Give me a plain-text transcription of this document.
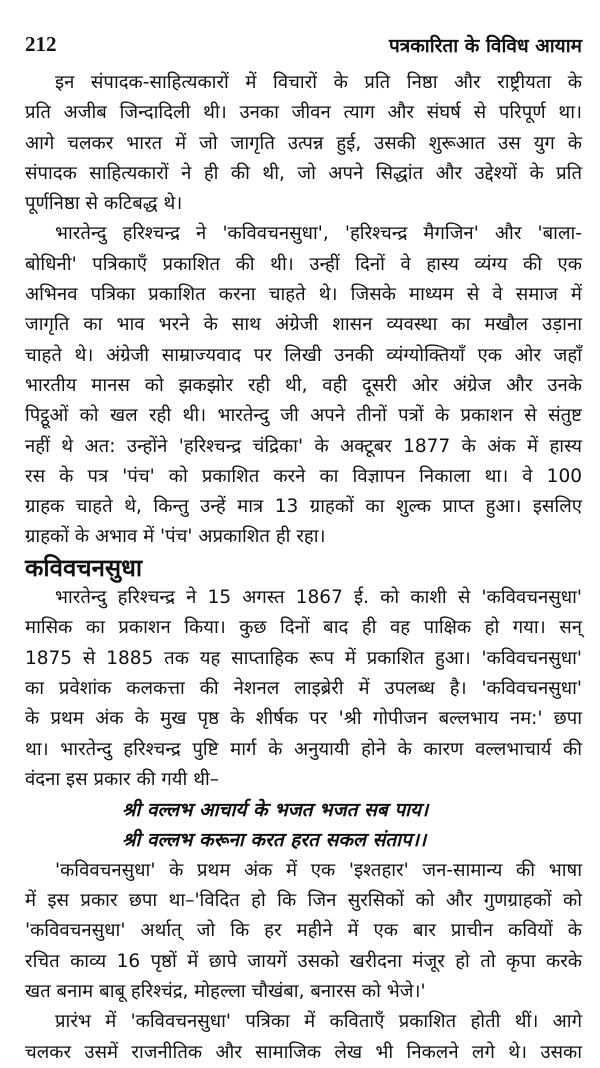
212	पत्रकारिता के विविध आयाम
इन संपादक-साहित्यकारों में विचारों के प्रति निष्ठा और राष्ट्रीयता के
प्रति अजीब जिन्दादिली थी। उनका जीवन त्याग और संघर्ष से परिपूर्ण था।
आगे चलकर भारत में जो जागृति उत्पन्न हुई, उसकी शुरूआत उस युग के
संपादक साहित्यकारों ने ही की थी, जो अपने सिद्धांत और उद्देश्यों के प्रति
पूर्णनिष्ठा से कटिबद्ध थे।
भारतेन्दु हरिश्चन्द्र ने 'कविवचनसुधा', 'हरिश्चन्द्र मैगजिन' और 'बाला-
बोधिनी' पत्रिकाएँ प्रकाशित की थी। उन्हीं दिनों वे हास्य व्यंग्य की एक
अभिनव पत्रिका प्रकाशित करना चाहते थे। जिसके माध्यम से वे समाज में
जागृति का भाव भरने के साथ अंग्रेजी शासन व्यवस्था का मखौल उड़ाना
चाहते थे। अंग्रेजी साम्राज्यवाद पर लिखी उनकी व्यंग्योक्तियाँ एक ओर जहाँ
भारतीय मानस को झकझोर रही थी, वही दूसरी ओर अंग्रेज और उनके
पिट्ठूओं को खल रही थी। भारतेन्दु जी अपने तीनों पत्रों के प्रकाशन से संतुष्ट
नहीं थे अत: उन्होंने 'हरिश्चन्द्र चंद्रिका' के अक्टूबर 1877 के अंक में हास्य
रस के पत्र 'पंच' को प्रकाशित करने का विज्ञापन निकाला था। वे 100
ग्राहक चाहते थे, किन्तु उन्हें मात्र 13 ग्राहकों का शुल्क प्राप्त हुआ। इसलिए
ग्राहकों के अभाव में 'पंच' अप्रकाशित ही रहा।
कविवचनसुधा
भारतेन्दु हरिश्चन्द्र ने 15 अगस्त 1867 ई. को काशी से 'कविवचनसुधा'
मासिक का प्रकाशन किया। कुछ दिनों बाद ही वह पाक्षिक हो गया। सन्
1875 से 1885 तक यह साप्ताहिक रूप में प्रकाशित हुआ। 'कविवचनसुधा'
का प्रवेशांक कलकत्ता की नेशनल लाइब्रेरी में उपलब्ध है। 'कविवचनसुधा'
के प्रथम अंक के मुख पृष्ठ के शीर्षक पर 'श्री गोपीजन बल्लभाय नम:' छपा
था। भारतेन्दु हरिश्चन्द्र पुष्टि मार्ग के अनुयायी होने के कारण वल्लभाचार्य की
वंदना इस प्रकार की गयी थी–
श्री वल्लभ आचार्य के भजत भजत सब पाय।
श्री वल्लभ करूना करत हरत सकल संताप।।
'कविवचनसुधा' के प्रथम अंक में एक 'इश्तहार' जन-सामान्य की भाषा
में इस प्रकार छपा था–'विदित हो कि जिन सुरसिकों को और गुणग्राहकों को
'कविवचनसुधा' अर्थात् जो कि हर महीने में एक बार प्राचीन कवियों के
रचित काव्य 16 पृष्ठों में छापे जायगें उसको खरीदना मंजूर हो तो कृपा करके
खत बनाम बाबू हरिश्चंद्र, मोहल्ला चौखंबा, बनारस को भेजे।'
प्रारंभ में 'कविवचनसुधा' पत्रिका में कविताएँ प्रकाशित होती थीं। आगे
चलकर उसमें राजनीतिक और सामाजिक लेख भी निकलने लगे थे। उसका
